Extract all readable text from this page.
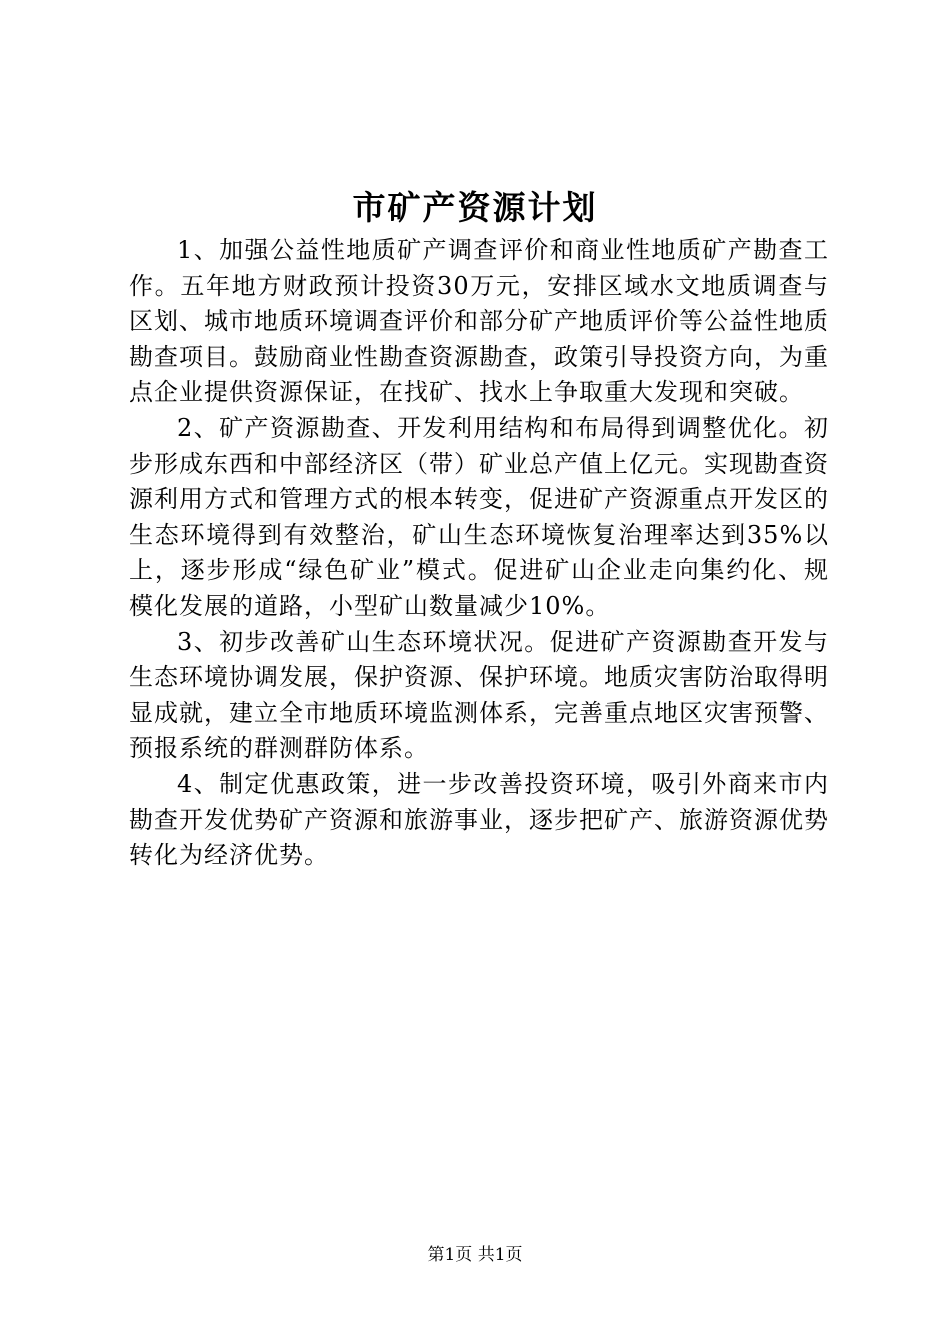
市矿产资源计划

1、加强公益性地质矿产调查评价和商业性地质矿产勘查工作。五年地方财政预计投资30万元，安排区域水文地质调查与区划、城市地质环境调查评价和部分矿产地质评价等公益性地质勘查项目。鼓励商业性勘查资源勘查，政策引导投资方向，为重点企业提供资源保证，在找矿、找水上争取重大发现和突破。

2、矿产资源勘查、开发利用结构和布局得到调整优化。初步形成东西和中部经济区（带）矿业总产值上亿元。实现勘查资源利用方式和管理方式的根本转变，促进矿产资源重点开发区的生态环境得到有效整治，矿山生态环境恢复治理率达到35%以上，逐步形成“绿色矿业”模式。促进矿山企业走向集约化、规模化发展的道路，小型矿山数量减少10%。

3、初步改善矿山生态环境状况。促进矿产资源勘查开发与生态环境协调发展，保护资源、保护环境。地质灾害防治取得明显成就，建立全市地质环境监测体系，完善重点地区灾害预警、预报系统的群测群防体系。

4、制定优惠政策，进一步改善投资环境，吸引外商来市内勘查开发优势矿产资源和旅游事业，逐步把矿产、旅游资源优势转化为经济优势。

第1页 共1页
